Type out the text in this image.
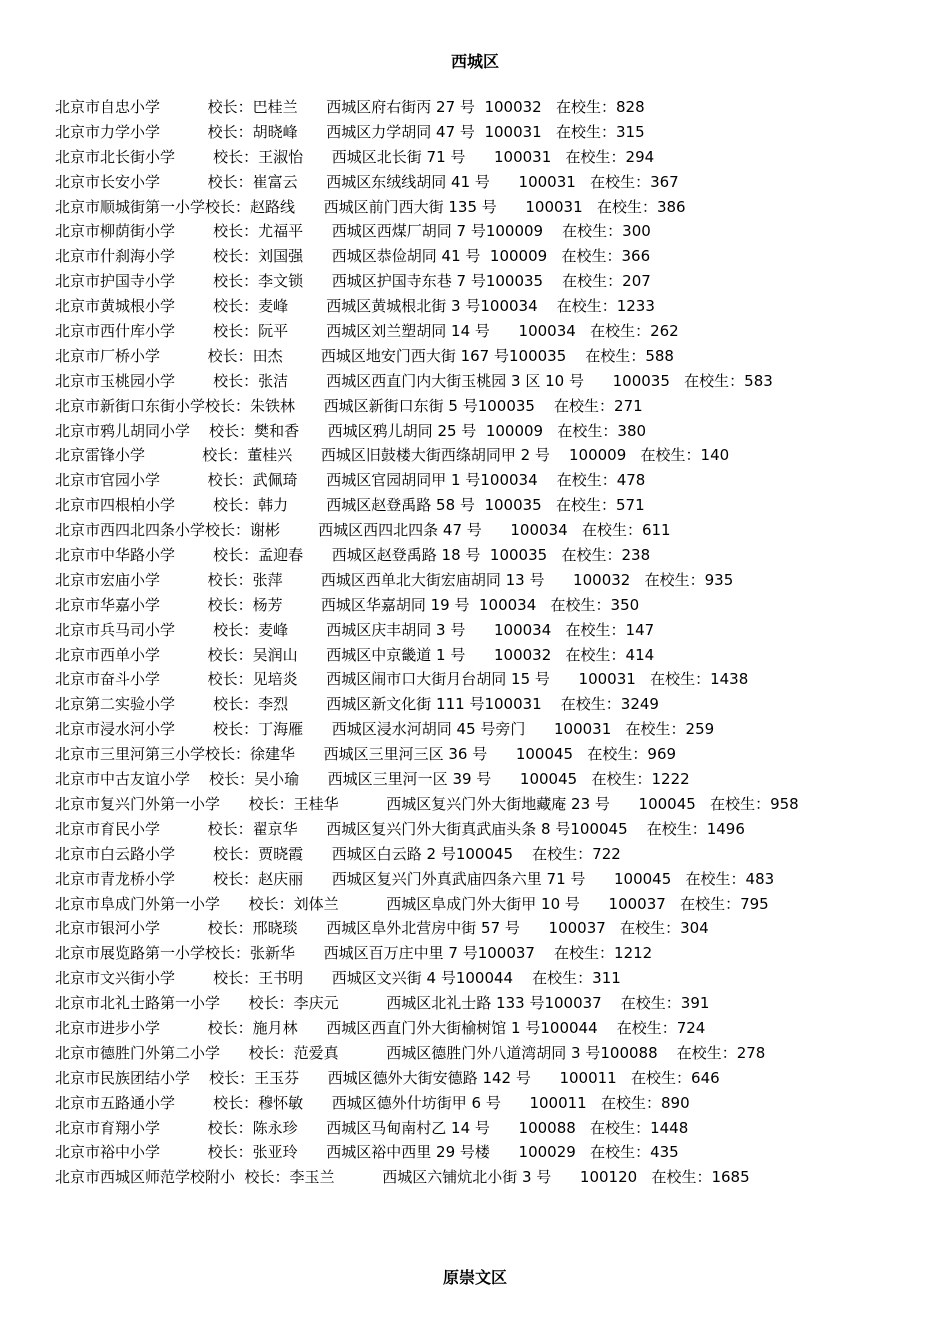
西城区
北京市自忠小学          校长：巴桂兰      西城区府右街丙 27 号  100032   在校生：828
北京市力学小学          校长：胡晓峰      西城区力学胡同 47 号  100031   在校生：315
北京市北长街小学        校长：王淑怡      西城区北长街 71 号      100031   在校生：294
北京市长安小学          校长：崔富云      西城区东绒线胡同 41 号      100031   在校生：367
北京市顺城街第一小学校长：赵路线      西城区前门西大街 135 号      100031   在校生：386
北京市柳荫街小学        校长：尤福平      西城区西煤厂胡同 7 号100009    在校生：300
北京市什刹海小学        校长：刘国强      西城区恭俭胡同 41 号  100009   在校生：366
北京市护国寺小学        校长：李文锁      西城区护国寺东巷 7 号100035    在校生：207
北京市黄城根小学        校长：麦峰        西城区黄城根北街 3 号100034    在校生：1233
北京市西什库小学        校长：阮平        西城区刘兰塑胡同 14 号      100034   在校生：262
北京市厂桥小学          校长：田杰        西城区地安门西大街 167 号100035    在校生：588
北京市玉桃园小学        校长：张洁        西城区西直门内大街玉桃园 3 区 10 号      100035   在校生：583
北京市新街口东街小学校长：朱铁林      西城区新街口东街 5 号100035    在校生：271
北京市鸦儿胡同小学    校长：樊和香      西城区鸦儿胡同 25 号  100009   在校生：380
北京雷锋小学            校长：董桂兴      西城区旧鼓楼大街西绦胡同甲 2 号    100009   在校生：140
北京市官园小学          校长：武佩琦      西城区官园胡同甲 1 号100034    在校生：478
北京市四根柏小学        校长：韩力        西城区赵登禹路 58 号  100035   在校生：571
北京市西四北四条小学校长：谢彬        西城区西四北四条 47 号      100034   在校生：611
北京市中华路小学        校长：孟迎春      西城区赵登禹路 18 号  100035   在校生：238
北京市宏庙小学          校长：张萍        西城区西单北大街宏庙胡同 13 号      100032   在校生：935
北京市华嘉小学          校长：杨芳        西城区华嘉胡同 19 号  100034   在校生：350
北京市兵马司小学        校长：麦峰        西城区庆丰胡同 3 号      100034   在校生：147
北京市西单小学          校长：吴润山      西城区中京畿道 1 号      100032   在校生：414
北京市奋斗小学          校长：见培炎      西城区闹市口大街月台胡同 15 号      100031   在校生：1438
北京第二实验小学        校长：李烈        西城区新文化街 111 号100031    在校生：3249
北京市浸水河小学        校长：丁海雁      西城区浸水河胡同 45 号旁门      100031   在校生：259
北京市三里河第三小学校长：徐建华      西城区三里河三区 36 号      100045   在校生：969
北京市中古友谊小学    校长：吴小瑜      西城区三里河一区 39 号      100045   在校生：1222
北京市复兴门外第一小学      校长：王桂华          西城区复兴门外大街地藏庵 23 号      100045   在校生：958
北京市育民小学          校长：翟京华      西城区复兴门外大街真武庙头条 8 号100045    在校生：1496
北京市白云路小学        校长：贾晓霞      西城区白云路 2 号100045    在校生：722
北京市青龙桥小学        校长：赵庆丽      西城区复兴门外真武庙四条六里 71 号      100045   在校生：483
北京市阜成门外第一小学      校长：刘体兰          西城区阜成门外大街甲 10 号      100037   在校生：795
北京市银河小学          校长：邢晓琰      西城区阜外北营房中街 57 号      100037   在校生：304
北京市展览路第一小学校长：张新华      西城区百万庄中里 7 号100037    在校生：1212
北京市文兴街小学        校长：王书明      西城区文兴街 4 号100044    在校生：311
北京市北礼士路第一小学      校长：李庆元          西城区北礼士路 133 号100037    在校生：391
北京市进步小学          校长：施月林      西城区西直门外大街榆树馆 1 号100044    在校生：724
北京市德胜门外第二小学      校长：范爱真          西城区德胜门外八道湾胡同 3 号100088    在校生：278
北京市民族团结小学    校长：王玉芬      西城区德外大街安德路 142 号      100011   在校生：646
北京市五路通小学        校长：穆怀敏      西城区德外什坊街甲 6 号      100011   在校生：890
北京市育翔小学          校长：陈永珍      西城区马甸南村乙 14 号      100088   在校生：1448
北京市裕中小学          校长：张亚玲      西城区裕中西里 29 号楼      100029   在校生：435
北京市西城区师范学校附小  校长：李玉兰          西城区六铺炕北小街 3 号      100120   在校生：1685
原崇文区
